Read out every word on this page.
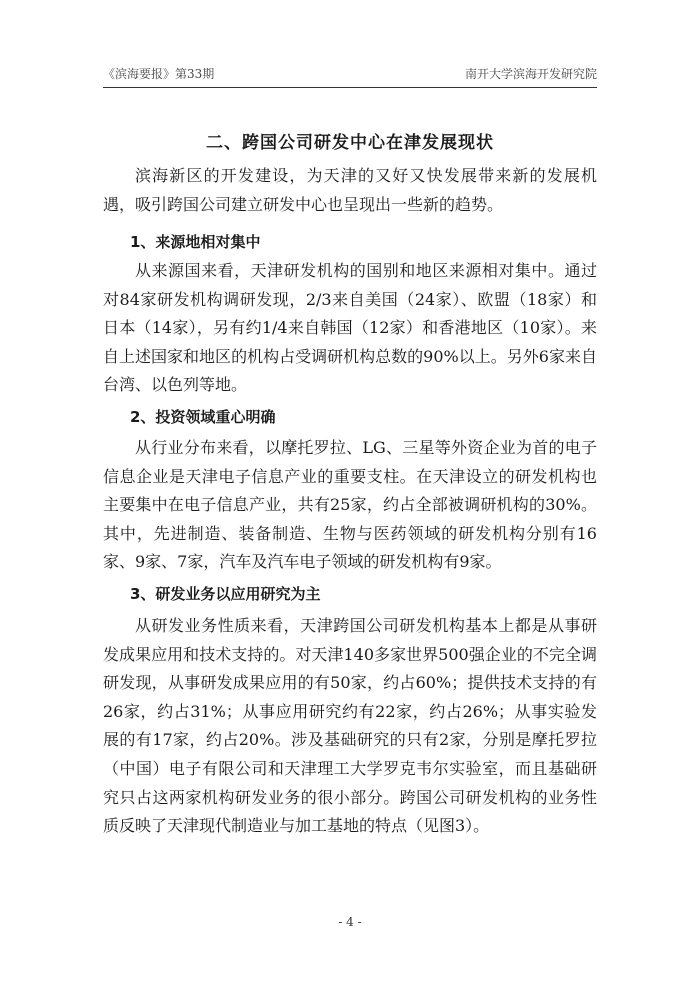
《滨海要报》第33期	南开大学滨海开发研究院
二、跨国公司研发中心在津发展现状

滨海新区的开发建设，为天津的又好又快发展带来新的发展机遇，吸引跨国公司建立研发中心也呈现出一些新的趋势。

1、来源地相对集中

从来源国来看，天津研发机构的国别和地区来源相对集中。通过对84家研发机构调研发现，2/3来自美国（24家）、欧盟（18家）和日本（14家），另有约1/4来自韩国（12家）和香港地区（10家）。来自上述国家和地区的机构占受调研机构总数的90%以上。另外6家来自台湾、以色列等地。

2、投资领域重心明确

从行业分布来看，以摩托罗拉、LG、三星等外资企业为首的电子信息企业是天津电子信息产业的重要支柱。在天津设立的研发机构也主要集中在电子信息产业，共有25家，约占全部被调研机构的30%。其中，先进制造、装备制造、生物与医药领域的研发机构分别有16家、9家、7家，汽车及汽车电子领域的研发机构有9家。

3、研发业务以应用研究为主

从研发业务性质来看，天津跨国公司研发机构基本上都是从事研发成果应用和技术支持的。对天津140多家世界500强企业的不完全调研发现，从事研发成果应用的有50家，约占60%；提供技术支持的有26家，约占31%；从事应用研究约有22家，约占26%；从事实验发展的有17家，约占20%。涉及基础研究的只有2家，分别是摩托罗拉（中国）电子有限公司和天津理工大学罗克韦尔实验室，而且基础研究只占这两家机构研发业务的很小部分。跨国公司研发机构的业务性质反映了天津现代制造业与加工基地的特点（见图3）。

- 4 -
